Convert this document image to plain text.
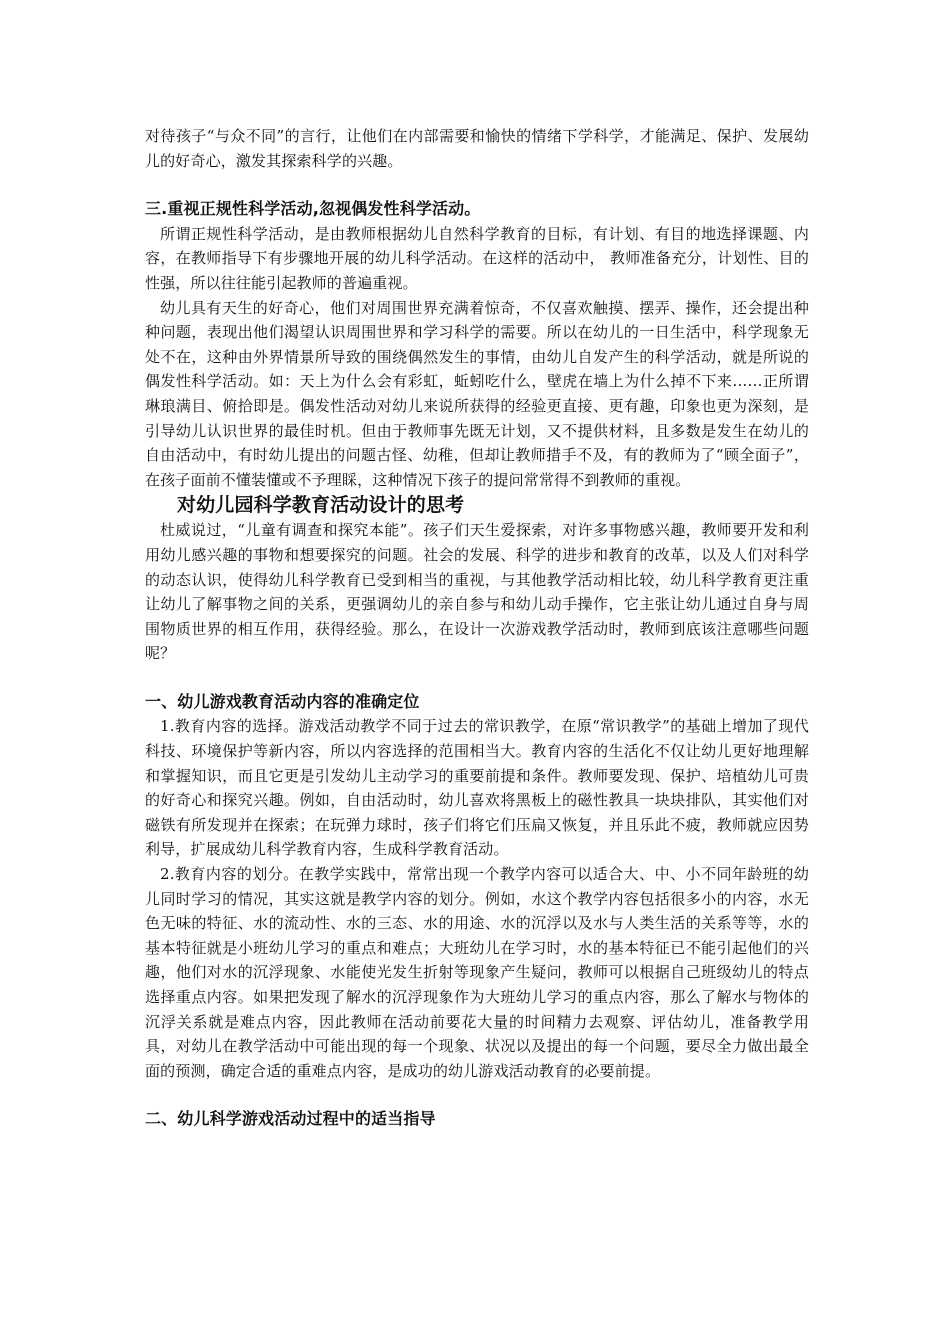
对待孩子“与众不同”的言行，让他们在内部需要和愉快的情绪下学科学，才能满足、保护、发展幼儿的好奇心，激发其探索科学的兴趣。

三.重视正规性科学活动,忽视偶发性科学活动。

所谓正规性科学活动，是由教师根据幼儿自然科学教育的目标，有计划、有目的地选择课题、内容，在教师指导下有步骤地开展的幼儿科学活动。在这样的活动中， 教师准备充分，计划性、目的性强，所以往往能引起教师的普遍重视。

幼儿具有天生的好奇心，他们对周围世界充满着惊奇，不仅喜欢触摸、摆弄、操作，还会提出种种问题，表现出他们渴望认识周围世界和学习科学的需要。所以在幼儿的一日生活中，科学现象无处不在，这种由外界情景所导致的围绕偶然发生的事情，由幼儿自发产生的科学活动，就是所说的偶发性科学活动。如：天上为什么会有彩虹，蚯蚓吃什么，壁虎在墙上为什么掉不下来……正所谓琳琅满目、俯拾即是。偶发性活动对幼儿来说所获得的经验更直接、更有趣，印象也更为深刻，是引导幼儿认识世界的最佳时机。但由于教师事先既无计划，又不提供材料，且多数是发生在幼儿的自由活动中，有时幼儿提出的问题古怪、幼稚，但却让教师措手不及，有的教师为了“顾全面子”，在孩子面前不懂装懂或不予理睬，这种情况下孩子的提问常常得不到教师的重视。

对幼儿园科学教育活动设计的思考

杜威说过，“儿童有调查和探究本能”。孩子们天生爱探索，对许多事物感兴趣，教师要开发和利用幼儿感兴趣的事物和想要探究的问题。社会的发展、科学的进步和教育的改革，以及人们对科学的动态认识，使得幼儿科学教育已受到相当的重视，与其他教学活动相比较，幼儿科学教育更注重让幼儿了解事物之间的关系，更强调幼儿的亲自参与和幼儿动手操作，它主张让幼儿通过自身与周围物质世界的相互作用，获得经验。那么，在设计一次游戏教学活动时，教师到底该注意哪些问题呢？

一、幼儿游戏教育活动内容的准确定位

1.教育内容的选择。游戏活动教学不同于过去的常识教学，在原“常识教学”的基础上增加了现代科技、环境保护等新内容，所以内容选择的范围相当大。教育内容的生活化不仅让幼儿更好地理解和掌握知识，而且它更是引发幼儿主动学习的重要前提和条件。教师要发现、保护、培植幼儿可贵的好奇心和探究兴趣。例如，自由活动时，幼儿喜欢将黑板上的磁性教具一块块排队，其实他们对磁铁有所发现并在探索；在玩弹力球时，孩子们将它们压扁又恢复，并且乐此不疲，教师就应因势利导，扩展成幼儿科学教育内容，生成科学教育活动。

2.教育内容的划分。在教学实践中，常常出现一个教学内容可以适合大、中、小不同年龄班的幼儿同时学习的情况，其实这就是教学内容的划分。例如，水这个教学内容包括很多小的内容，水无色无味的特征、水的流动性、水的三态、水的用途、水的沉浮以及水与人类生活的关系等等，水的基本特征就是小班幼儿学习的重点和难点；大班幼儿在学习时，水的基本特征已不能引起他们的兴趣，他们对水的沉浮现象、水能使光发生折射等现象产生疑问，教师可以根据自己班级幼儿的特点选择重点内容。如果把发现了解水的沉浮现象作为大班幼儿学习的重点内容，那么了解水与物体的沉浮关系就是难点内容，因此教师在活动前要花大量的时间精力去观察、评估幼儿，准备教学用具，对幼儿在教学活动中可能出现的每一个现象、状况以及提出的每一个问题，要尽全力做出最全面的预测，确定合适的重难点内容，是成功的幼儿游戏活动教育的必要前提。

二、幼儿科学游戏活动过程中的适当指导
